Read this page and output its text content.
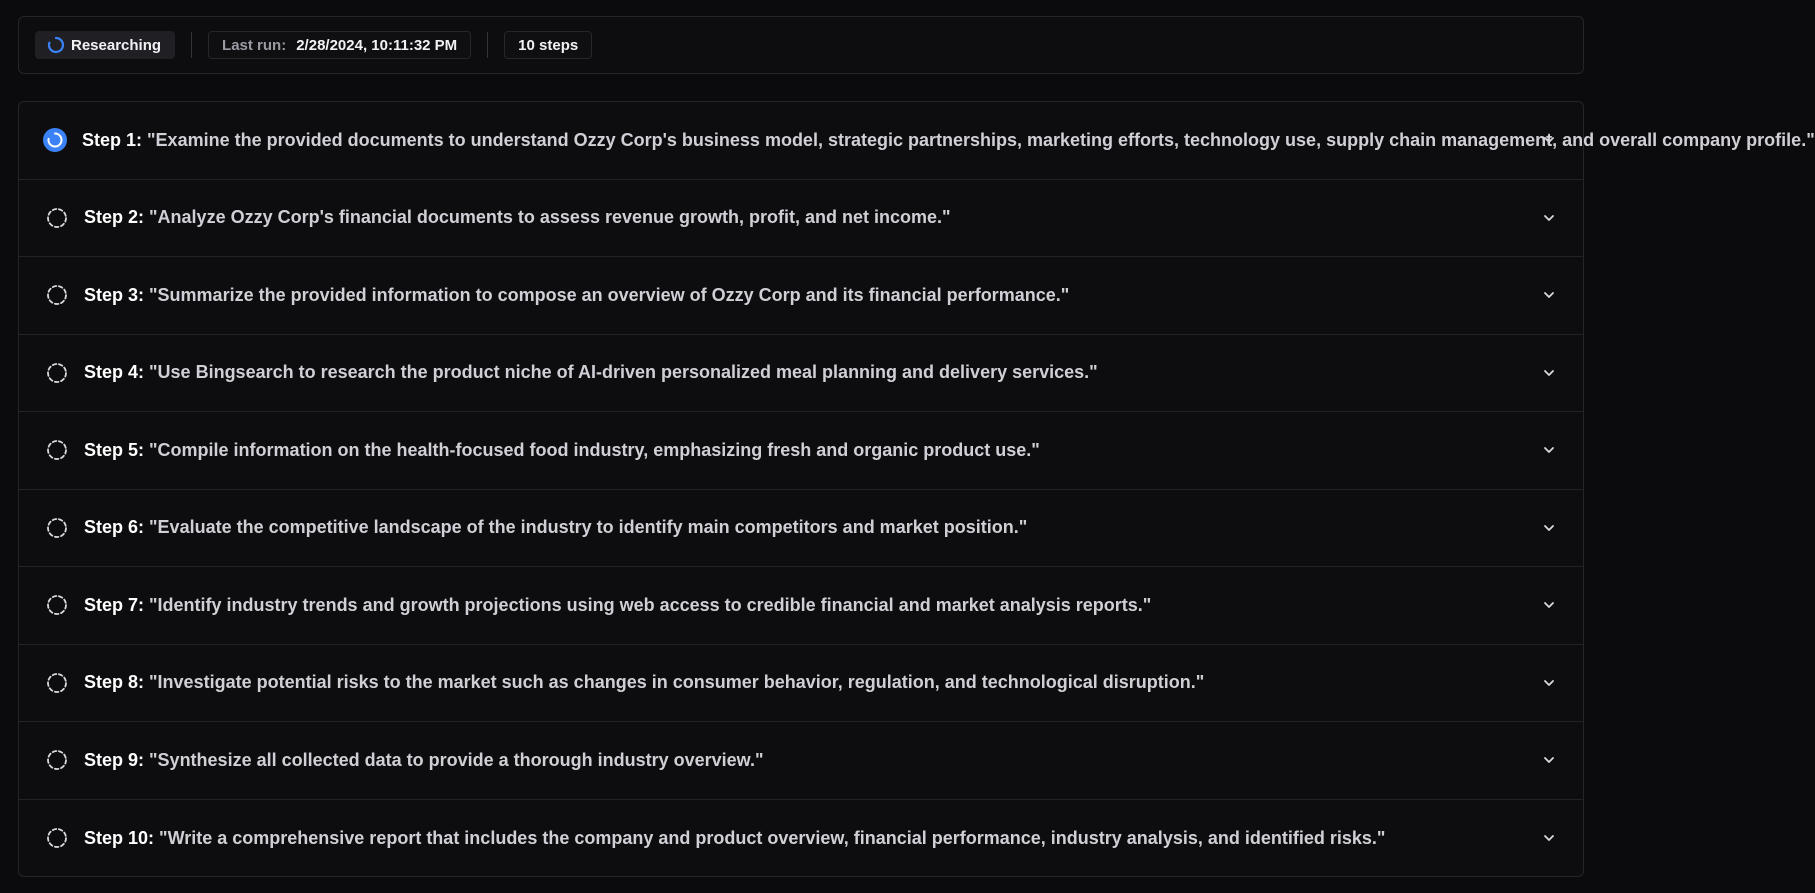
Researching	Last run: 2/28/2024, 10:11:32 PM	10 steps
Step 1: "Examine the provided documents to understand Ozzy Corp's business model, strategic partnerships, marketing efforts, technology use, supply chain management, and overall company profile."
Step 2: "Analyze Ozzy Corp's financial documents to assess revenue growth, profit, and net income."
Step 3: "Summarize the provided information to compose an overview of Ozzy Corp and its financial performance."
Step 4: "Use Bingsearch to research the product niche of AI-driven personalized meal planning and delivery services."
Step 5: "Compile information on the health-focused food industry, emphasizing fresh and organic product use."
Step 6: "Evaluate the competitive landscape of the industry to identify main competitors and market position."
Step 7: "Identify industry trends and growth projections using web access to credible financial and market analysis reports."
Step 8: "Investigate potential risks to the market such as changes in consumer behavior, regulation, and technological disruption."
Step 9: "Synthesize all collected data to provide a thorough industry overview."
Step 10: "Write a comprehensive report that includes the company and product overview, financial performance, industry analysis, and identified risks."
